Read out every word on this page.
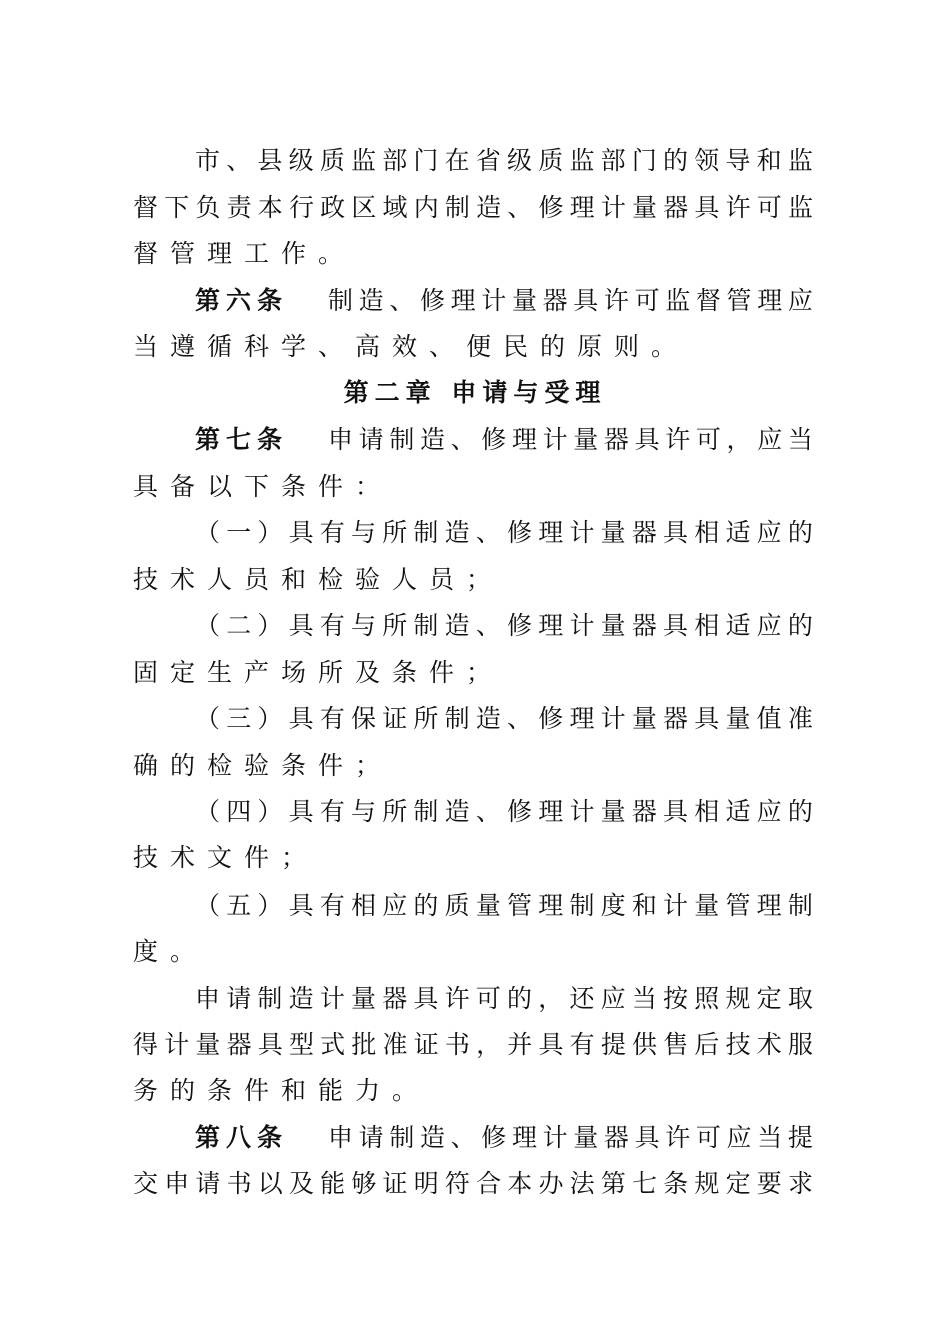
市 、 县 级 质 监 部 门 在 省 级 质 监 部 门 的 领 导 和 监
督 下 负 责 本 行 政 区 域 内 制 造 、 修 理 计 量 器 具 许 可 监
督管理工作。
第六条 制 造 、 修 理 计 量 器 具 许 可 监 督 管 理 应
当遵循科学、高效、便民的原则。
第七条 申 请 制 造 、 修 理 计 量 器 具 许 可 ， 应 当
具备以下条件：
（ 一 ） 具 有 与 所 制 造 、 修 理 计 量 器 具 相 适 应 的
技术人员和检验人员；
（ 二 ） 具 有 与 所 制 造 、 修 理 计 量 器 具 相 适 应 的
固定生产场所及条件；
（ 三 ） 具 有 保 证 所 制 造 、 修 理 计 量 器 具 量 值 准
确的检验条件；
（ 四 ） 具 有 与 所 制 造 、 修 理 计 量 器 具 相 适 应 的
技术文件；
（ 五 ） 具 有 相 应 的 质 量 管 理 制 度 和 计 量 管 理 制
度。
申 请 制 造 计 量 器 具 许 可 的 ， 还 应 当 按 照 规 定 取
得 计 量 器 具 型 式 批 准 证 书 ， 并 具 有 提 供 售 后 技 术 服
务的条件和能力。
第八条 申 请 制 造 、 修 理 计 量 器 具 许 可 应 当 提
交 申 请 书 以 及 能 够 证 明 符 合 本 办 法 第 七 条 规 定 要 求
第二章 申请与受理
